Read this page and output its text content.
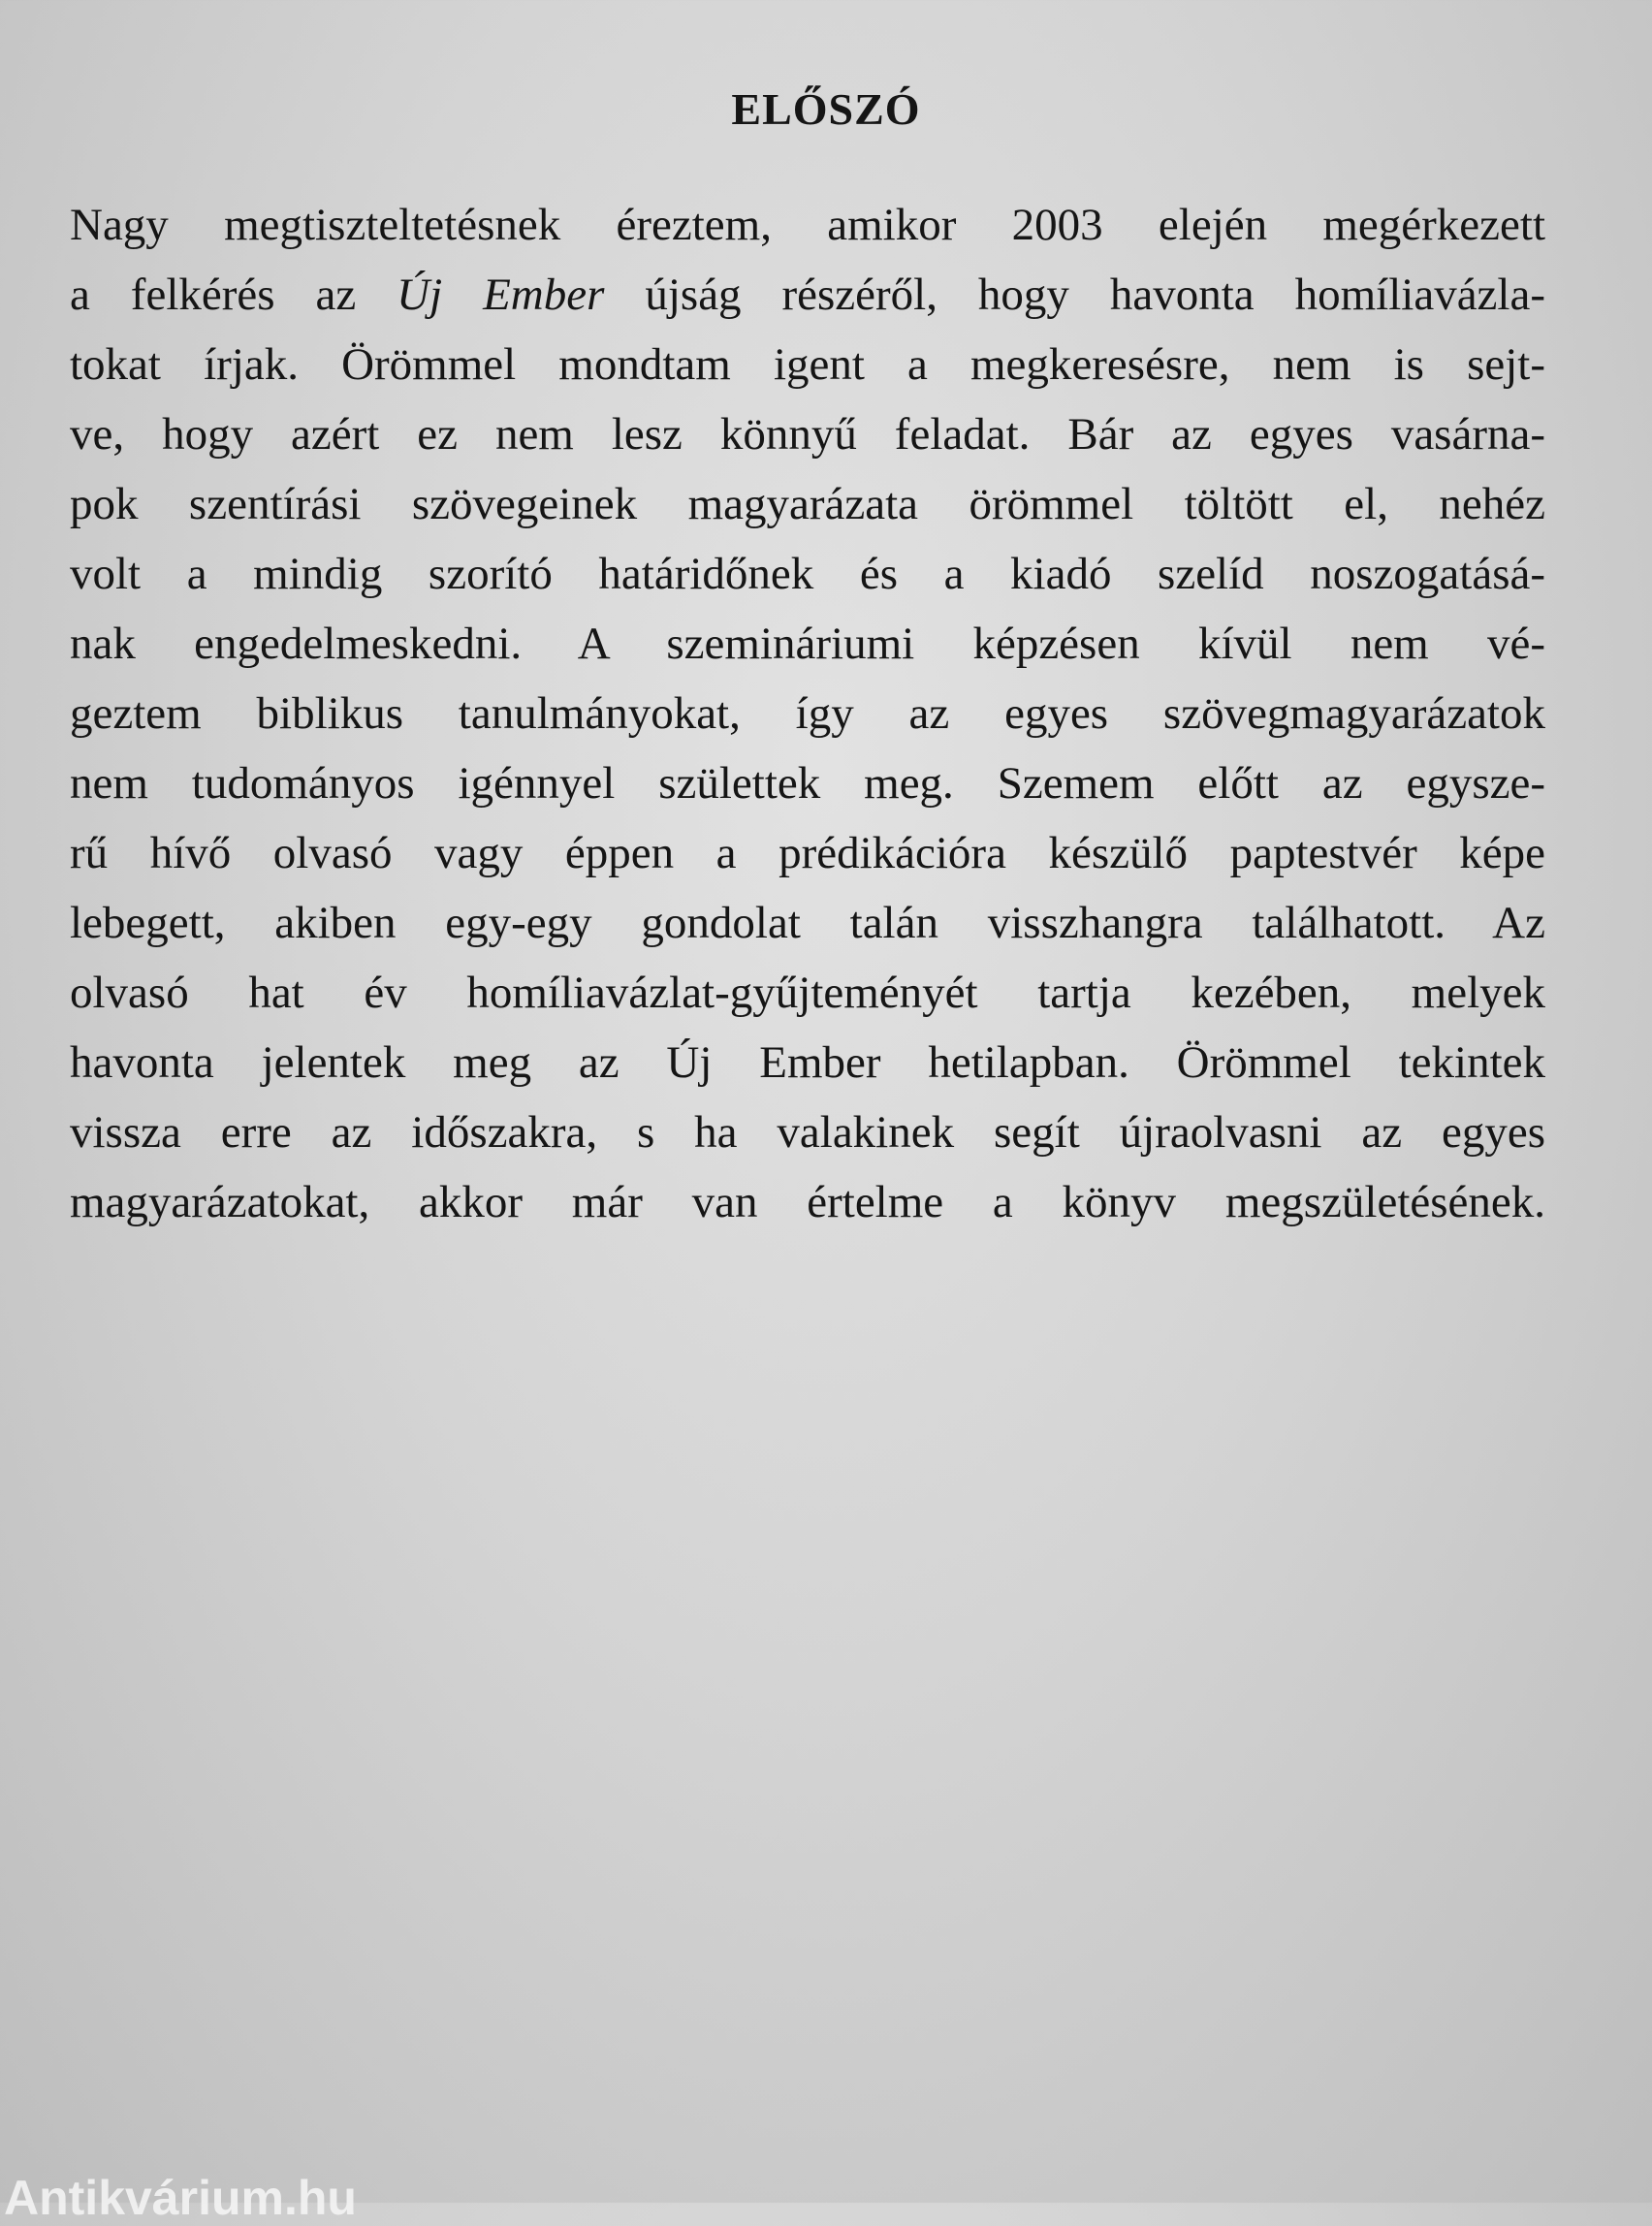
ELŐSZÓ
Nagy megtiszteltetésnek éreztem, amikor 2003 elején megérkezett
a felkérés az Új Ember újság részéről, hogy havonta homíliavázla-
tokat írjak. Örömmel mondtam igent a megkeresésre, nem is sejt-
ve, hogy azért ez nem lesz könnyű feladat. Bár az egyes vasárna-
pok szentírási szövegeinek magyarázata örömmel töltött el, nehéz
volt a mindig szorító határidőnek és a kiadó szelíd noszogatásá-
nak engedelmeskedni. A szemináriumi képzésen kívül nem vé-
geztem biblikus tanulmányokat, így az egyes szövegmagyarázatok
nem tudományos igénnyel születtek meg. Szemem előtt az egysze-
rű hívő olvasó vagy éppen a prédikációra készülő paptestvér képe
lebegett, akiben egy-egy gondolat talán visszhangra találhatott. Az
olvasó hat év homíliavázlat-gyűjteményét tartja kezében, melyek
havonta jelentek meg az Új Ember hetilapban. Örömmel tekintek
vissza erre az időszakra, s ha valakinek segít újraolvasni az egyes
magyarázatokat, akkor már van értelme a könyv megszületésének.
Antikvárium.hu
